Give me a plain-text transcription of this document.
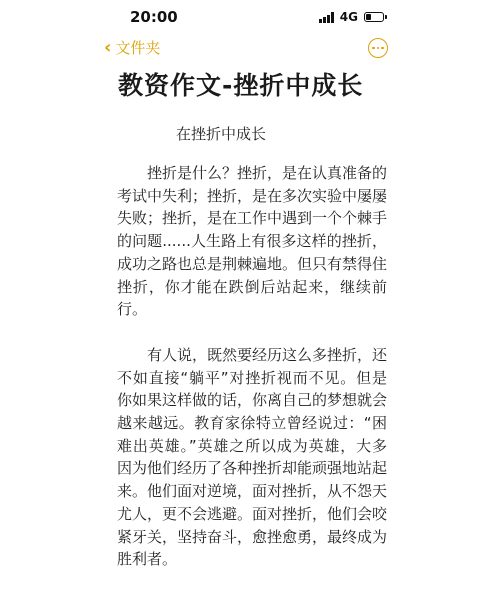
20:00	4G
‹ 文件夹
教资作文-挫折中成长
在挫折中成长

挫折是什么？挫折，是在认真准备的考试中失利；挫折，是在多次实验中屡屡失败；挫折，是在工作中遇到一个个棘手的问题......人生路上有很多这样的挫折，成功之路也总是荆棘遍地。但只有禁得住挫折，你才能在跌倒后站起来，继续前行。

有人说，既然要经历这么多挫折，还不如直接“躺平”对挫折视而不见。但是你如果这样做的话，你离自己的梦想就会越来越远。教育家徐特立曾经说过：“困难出英雄。”英雄之所以成为英雄，大多因为他们经历了各种挫折却能顽强地站起来。他们面对逆境，面对挫折，从不怨天尤人，更不会逃避。面对挫折，他们会咬紧牙关，坚持奋斗，愈挫愈勇，最终成为胜利者。
